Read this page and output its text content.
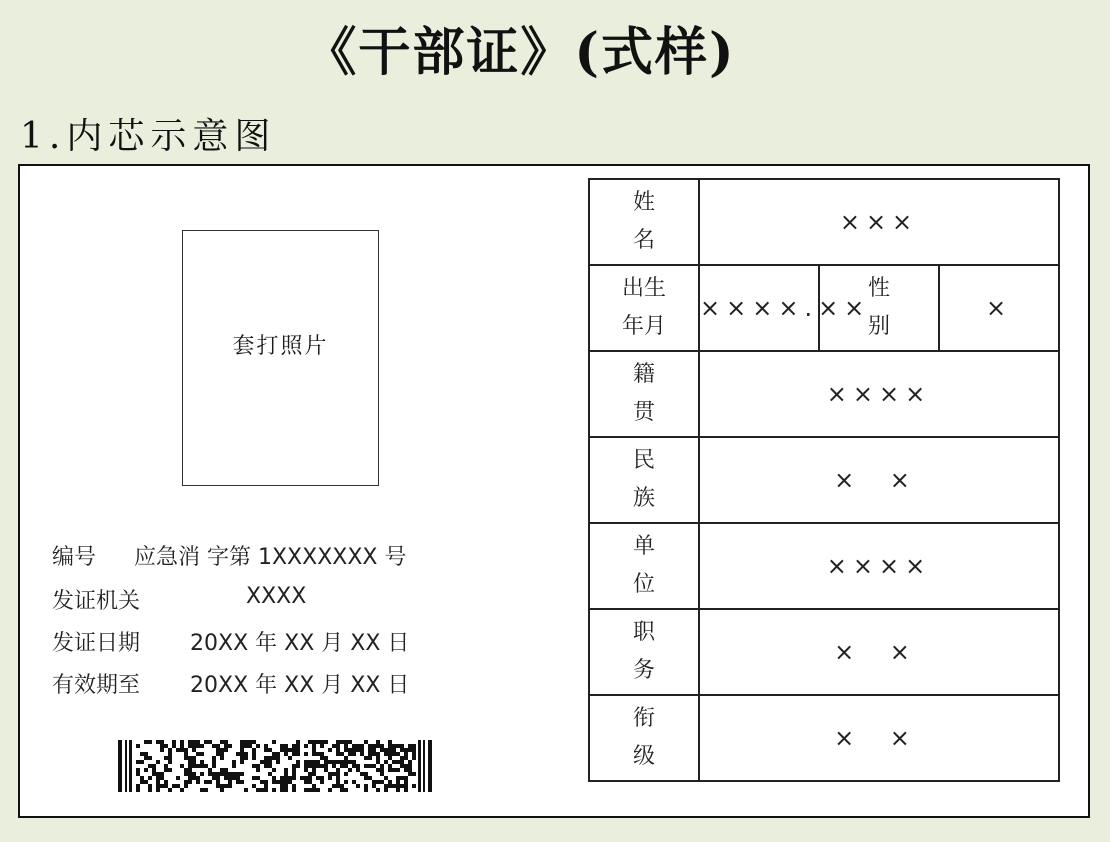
《干部证》(式样)
1.内芯示意图
套打照片
编号 应急消 字第 1XXXXXXX 号
发证机关	XXXX
发证日期 20XX 年 XX 月 XX 日
有效期至 20XX 年 XX 月 XX 日
姓
名	×××		

出生
年月	××××.××	性
别	×

籍
贯	××××		

民
族	× ×		

单
位	××××		

职
务	× ×		

衔
级	× ×		
